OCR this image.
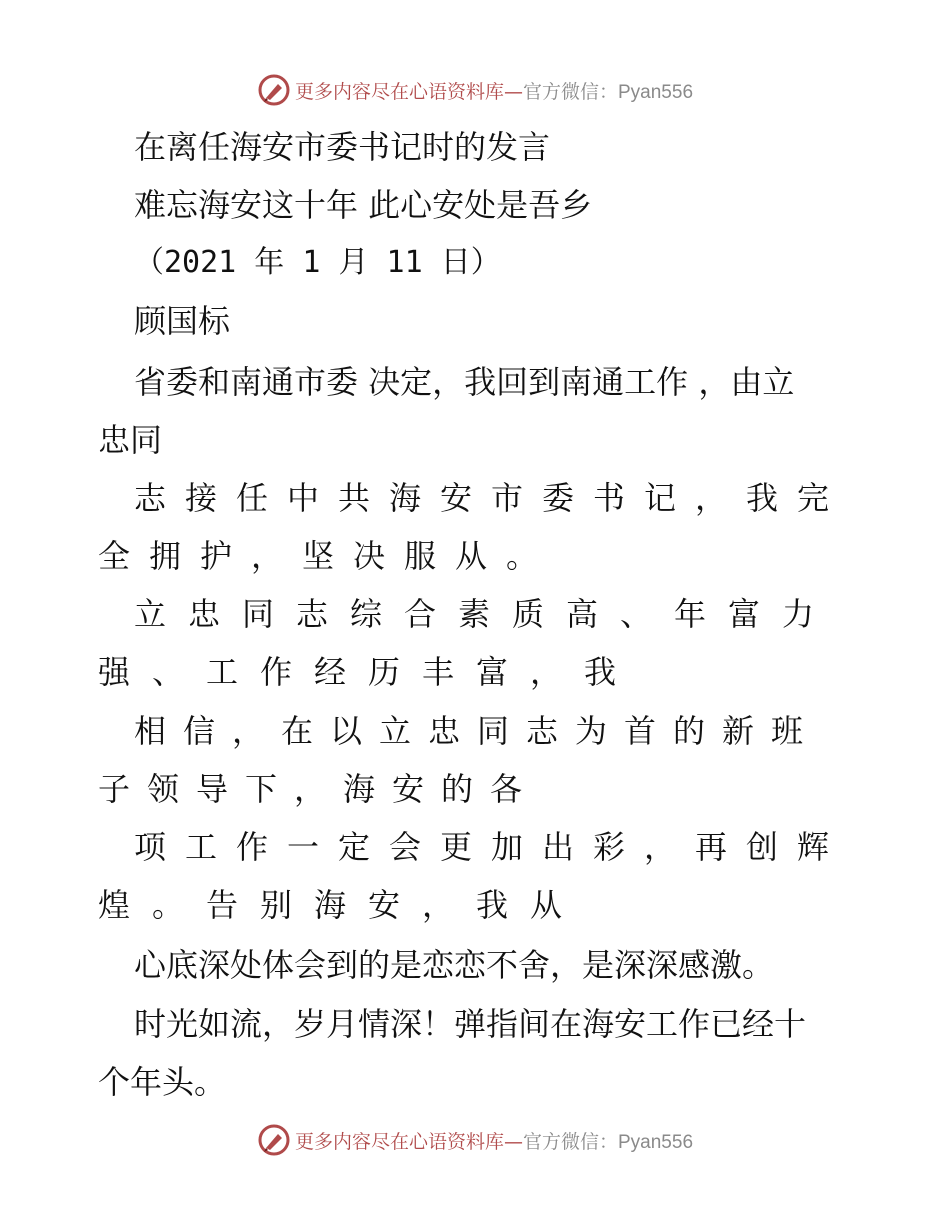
更多内容尽在心语资料库—官方微信：Pyan556
在离任海安市委书记时的发言
难忘海安这十年 此心安处是吾乡
（2021 年 1 月 11 日）
顾国标
省委和南通市委 决定，我回到南通工作 ，由立
忠同
志接任中共海安市委书记，我完
全拥护，坚决服从。
立忠同志综合素质高、年富力
强、工作经历丰富，我
相信，在以立忠同志为首的新班
子领导下，海安的各
项工作一定会更加出彩，再创辉
煌。告别海安，我从
心底深处体会到的是恋恋不舍，是深深感激。
时光如流，岁月情深！弹指间在海安工作已经十
个年头。
更多内容尽在心语资料库—官方微信：Pyan556
